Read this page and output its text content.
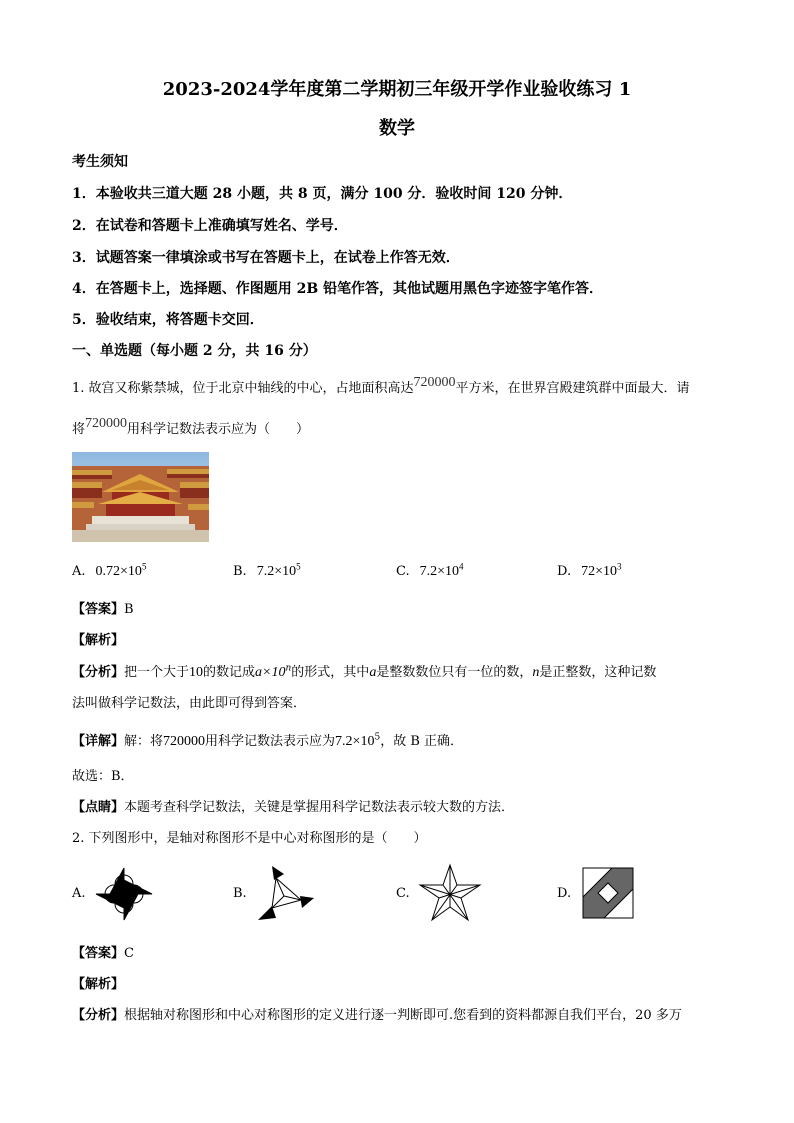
2023-2024学年度第二学期初三年级开学作业验收练习 1
数学
考生须知
1．本验收共三道大题 28 小题，共 8 页，满分 100 分．验收时间 120 分钟．
2．在试卷和答题卡上准确填写姓名、学号．
3．试题答案一律填涂或书写在答题卡上，在试卷上作答无效．
4．在答题卡上，选择题、作图题用 2B 铅笔作答，其他试题用黑色字迹签字笔作答．
5．验收结束，将答题卡交回．
一、单选题（每小题 2 分，共 16 分）
1. 故宫又称紫禁城，位于北京中轴线的中心，占地面积高达720000平方米，在世界宫殿建筑群中面最大．请
将720000用科学记数法表示应为（　　）
A. $0.72\times 10^5$	B. $7.2\times 10^5$	C. $7.2\times 10^4$	D. $72\times 10^3$
【答案】B
【解析】
【分析】把一个大于10的数记成$a\times 10^n$的形式，其中a是整数数位只有一位的数，n是正整数，这种记数
法叫做科学记数法，由此即可得到答案．
【详解】解：将720000用科学记数法表示应为$7.2\times 10^5$，故 B 正确．
故选：B．
【点睛】本题考查科学记数法，关键是掌握用科学记数法表示较大数的方法．
2. 下列图形中，是轴对称图形不是中心对称图形的是（　　）
A.	B.	C.	D.
【答案】C
【解析】
【分析】根据轴对称图形和中心对称图形的定义进行逐一判断即可.您看到的资料都源自我们平台，20 多万
